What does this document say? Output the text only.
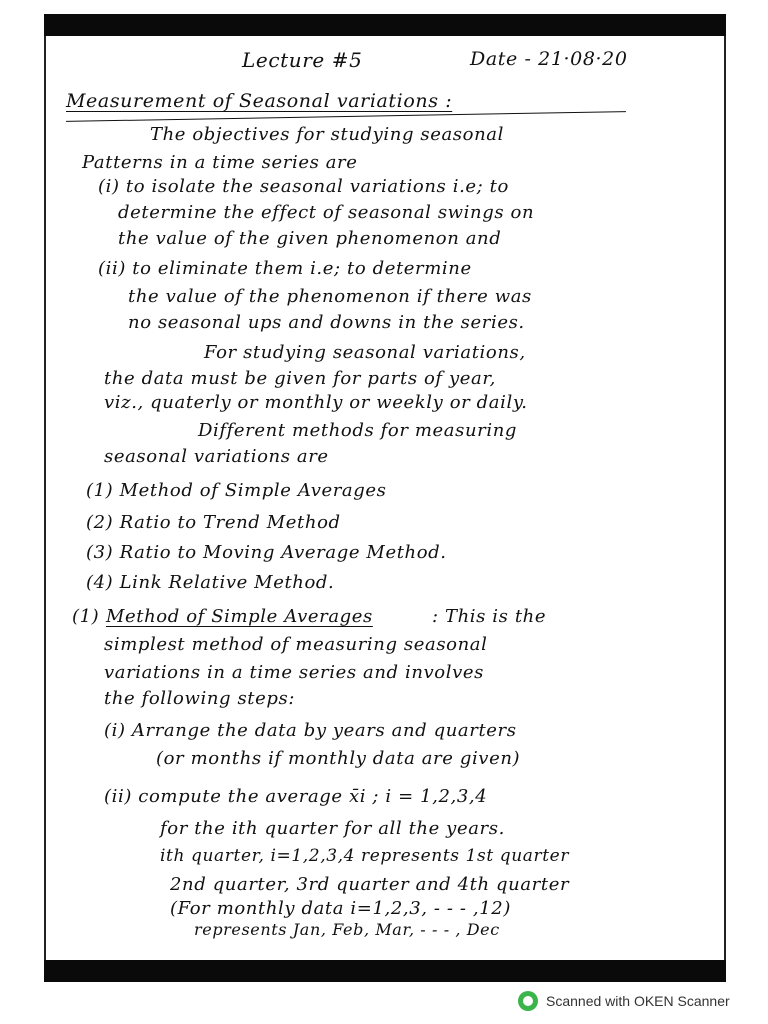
Lecture #5	Date - 21·08·20
Measurement of Seasonal variations :
The objectives for studying seasonal
Patterns in a time series are
(i) to isolate the seasonal variations i.e; to
determine the effect of seasonal swings on
the value of the given phenomenon and
(ii) to eliminate them i.e; to determine
the value of the phenomenon if there was
no seasonal ups and downs in the series.
For studying seasonal variations,
the data must be given for parts of year,
viz., quaterly or monthly or weekly or daily.
Different methods for measuring
seasonal variations are
(1) Method of Simple Averages
(2) Ratio to Trend Method
(3) Ratio to Moving Average Method.
(4) Link Relative Method.
(1) Method of Simple Averages	: This is the
simplest method of measuring seasonal
variations in a time series and involves
the following steps:
(i) Arrange the data by years and quarters
(or months if monthly data are given)
(ii) compute the average x̄i ; i = 1,2,3,4
for the ith quarter for all the years.
ith quarter, i=1,2,3,4 represents 1st quarter
2nd quarter, 3rd quarter and 4th quarter
(For monthly data i=1,2,3, - - - ,12)
represents Jan, Feb, Mar, - - - , Dec
Scanned with OKEN Scanner
